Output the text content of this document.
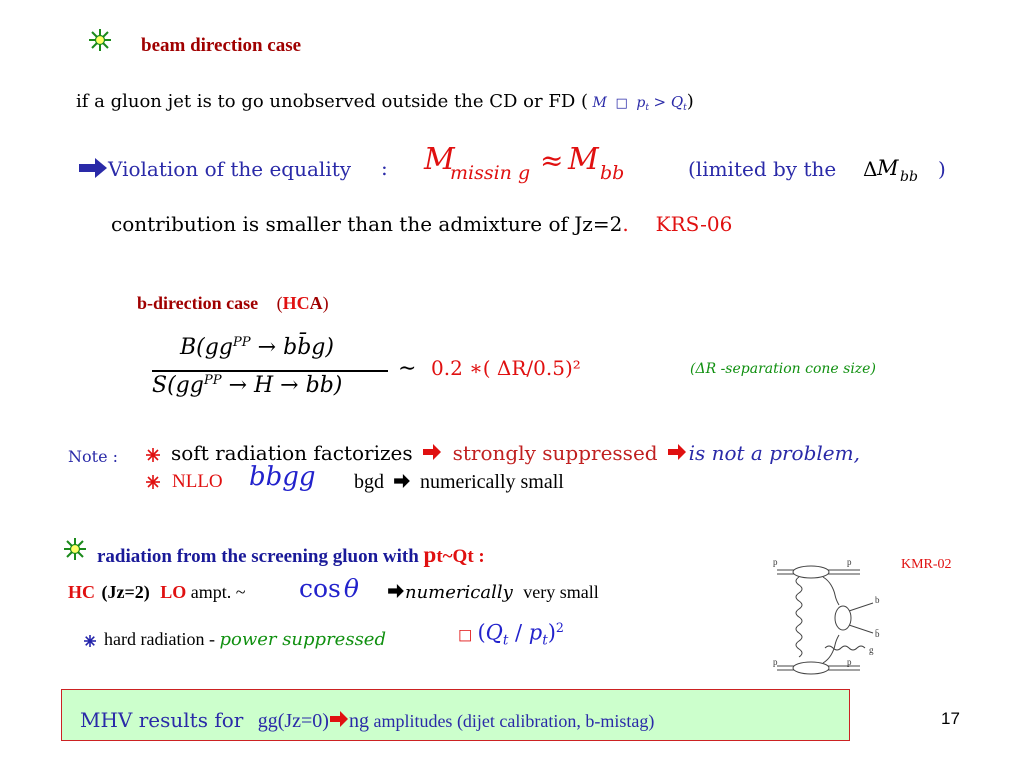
beam direction case
if a gluon jet is to go unobserved outside the CD or FD ( M  □  $p_t > Q_t$)
Violation of the equality : M
missin g ≈ M bb	(limited by the Δ M bb )
contribution is smaller than the admixture of Jz=2. KRS-06
b-direction case (HCA)
$B(gg^{PP}$ → bb̄g)
$S(gg^{PP} \to H$ → bb̄)
∼ 0.2 ∗( ΔR/0.5)²	(ΔR -separation cone size)
Note :	soft radiation factorizes strongly suppressed is not a problem,
NLLO bbgg bgd numerically small
radiation from the screening gluon with pt~Qt :
HC (Jz=2) LO ampt. ~ cos θ	numerically very small
hard radiation - power suppressed	□ $(Q_t / p_t)^2$
KMR-02
p	p
b
b̄
p	p
g
MHV results for gg(Jz=0) ng amplitudes (dijet calibration, b-mistag)	17
